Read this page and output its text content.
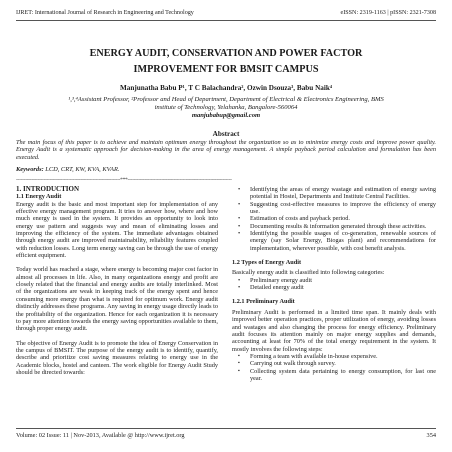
IJRET: International Journal of Research in Engineering and Technology	eISSN: 2319-1163 | pISSN: 2321-7308
ENERGY AUDIT, CONSERVATION AND POWER FACTOR
IMPROVEMENT FOR BMSIT CAMPUS
Manjunatha Babu P¹, T C Balachandra², Ozwin Dsouza³, Babu Naik⁴
¹,³,⁴Assistant Professor, ²Professor and Head of Department, Department of Electrical & Electronics Engineering, BMS
institute of Technology, Yelahanka, Bangalore-560064
manjubabup@gmail.com
Abstract
The main focus of this paper is to achieve and maintain optimum energy throughout the organization so as to minimize energy costs and improve power quality. Energy Audit is a systematic approach for decision-making in the area of energy management. A simple payback period calculation and formulation has been executed.
Keywords: LCD, CRT, KW, KVA, KVAR.
--------------------------------------------------------------------***--------------------------------------------------------------------

1. INTRODUCTION

1.1 Energy Audit

Energy audit is the basic and most important step for implementation of any effective energy management program. It tries to answer how, where and how much energy is used in the system. It provides an opportunity to look into energy use pattern and suggests way and mean of eliminating losses and improving the efficiency of the system. The immediate advantages obtained through energy audit are improved maintainability, reliability features coupled with reduction losses. Long term energy saving can be through the use of energy efficient equipment.

Today world has reached a stage, where energy is becoming major cost factor in almost all processes in life. Also, in many organizations energy and profit are closely related that the financial and energy audits are totally interlinked. Most of the organizations are weak in keeping track of the energy spent and hence consuming more energy than what is required for optimum work. Energy audit distinctly addresses these programs. Any saving in energy usage directly leads to the profitability of the organization. Hence for each organization it is necessary to pay more attention towards the energy saving opportunities available to them, through proper energy audit.

The objective of Energy Audit is to promote the idea of Energy Conservation in the campus of BMSIT. The purpose of the energy audit is to identify, quantify, describe and prioritize cost saving measures relating to energy use in the Academic blocks, hostel and canteen. The work eligible for Energy Audit Study should be directed towards:

• Identifying the areas of energy wastage and estimation of energy saving potential in Hostel, Departments and Institute Central Facilities.
• Suggesting cost-effective measures to improve the efficiency of energy use.
• Estimation of costs and payback period.
• Documenting results & information generated through these activities.
• Identifying the possible usages of co-generation, renewable sources of energy (say Solar Energy, Biogas plant) and recommendations for implementation, wherever possible, with cost benefit analysis.

1.2 Types of Energy Audit

Basically energy audit is classified into following categories:

• Preliminary energy audit
• Detailed energy audit

1.2.1 Preliminary Audit

Preliminary Audit is performed in a limited time span. It mainly deals with improved better operation practices, proper utilization of energy, avoiding losses and wastages and also changing the process for energy efficiency. Preliminary audit focuses its attention mainly on major energy supplies and demands, accounting at least for 70% of the total energy requirement in the system. It mostly involves the following steps:

▪ Forming a team with available in-house expensive.
▪ Carrying out walk through survey.
▪ Collecting system data pertaining to energy consumption, for last one year.
Volume: 02 Issue: 11 | Nov-2013, Available @ http://www.ijret.org	354
